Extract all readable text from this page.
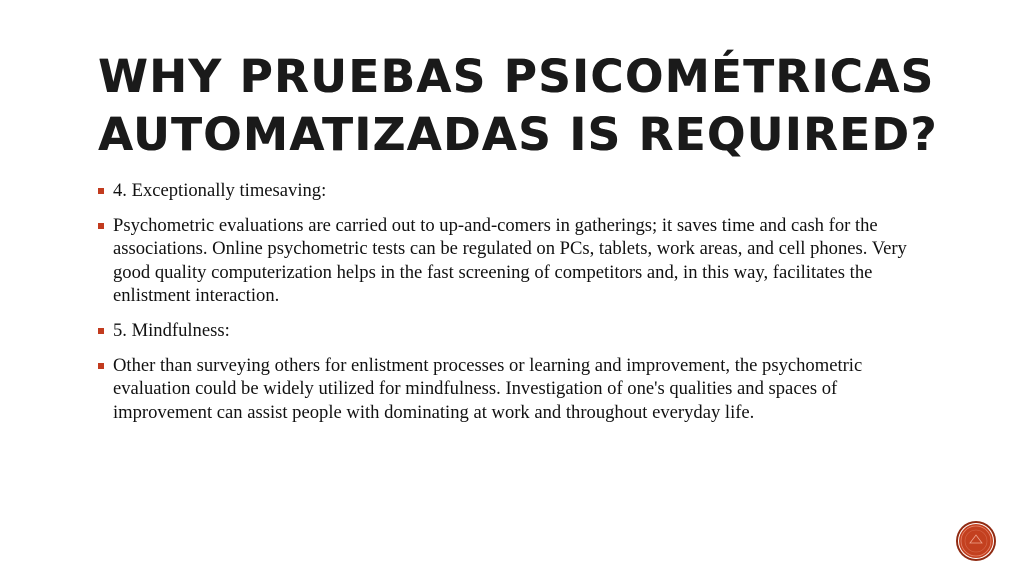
WHY PRUEBAS PSICOMÉTRICAS
AUTOMATIZADAS IS REQUIRED?
4. Exceptionally timesaving:
Psychometric evaluations are carried out to up-and-comers in gatherings; it saves time and cash for the associations. Online psychometric tests can be regulated on PCs, tablets, work areas, and cell phones. Very good quality computerization helps in the fast screening of competitors and, in this way, facilitates the enlistment interaction.
5. Mindfulness:
Other than surveying others for enlistment processes or learning and improvement, the psychometric evaluation could be widely utilized for mindfulness. Investigation of one's qualities and spaces of improvement can assist people with dominating at work and throughout everyday life.
